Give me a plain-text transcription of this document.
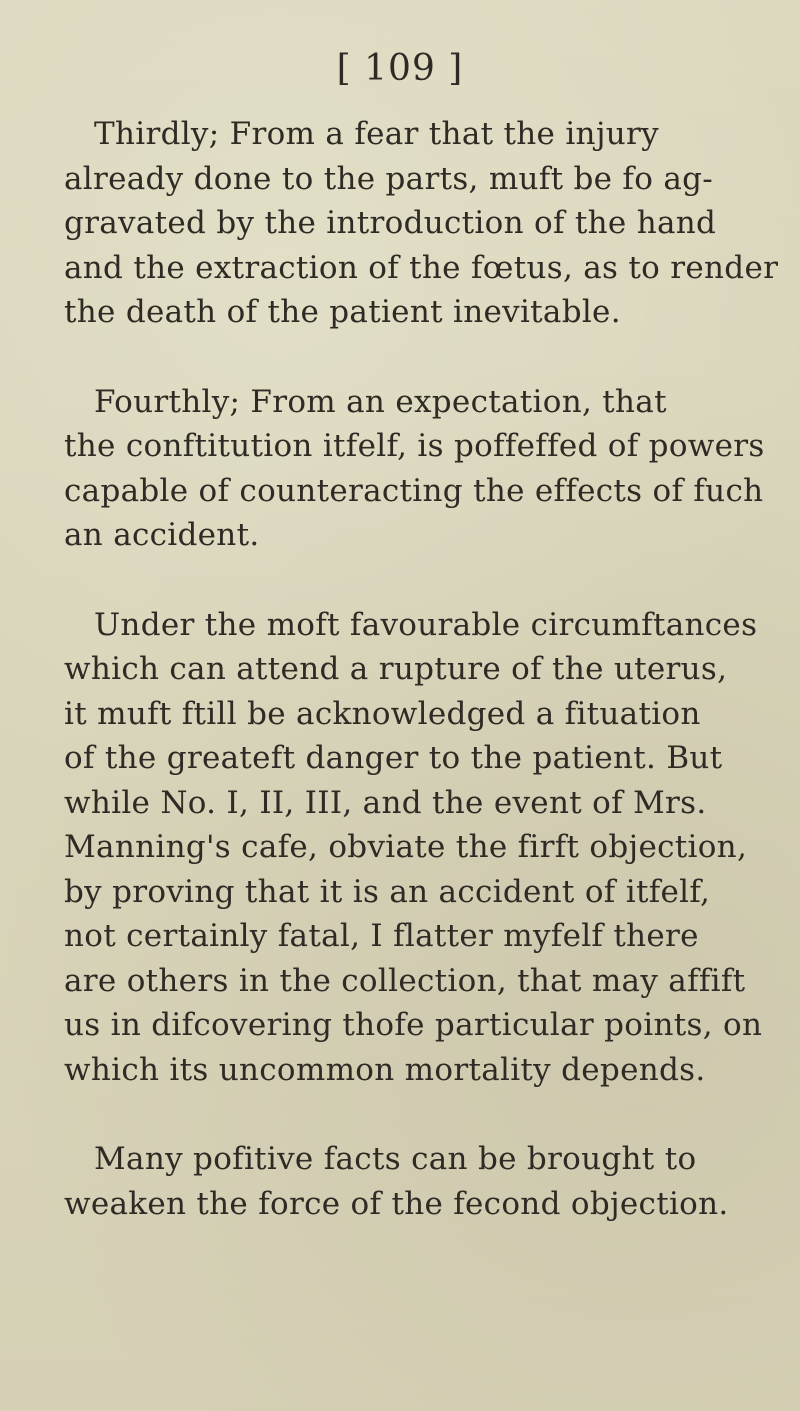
[ 109 ]
Thirdly; From a fear that the injury
already done to the parts, muft be fo ag-
gravated by the introduction of the hand
and the extraction of the fœtus, as to render
the death of the patient inevitable.
Fourthly; From an expectation, that
the conftitution itfelf, is poffeffed of powers
capable of counteracting the effects of fuch
an accident.
Under the moft favourable circumftances
which can attend a rupture of the uterus,
it muft ftill be acknowledged a fituation
of the greateft danger to the patient. But
while No. I, II, III, and the event of Mrs.
Manning's cafe, obviate the firft objection,
by proving that it is an accident of itfelf,
not certainly fatal, I flatter myfelf there
are others in the collection, that may affift
us in difcovering thofe particular points, on
which its uncommon mortality depends.
Many pofitive facts can be brought to
weaken the force of the fecond objection.
